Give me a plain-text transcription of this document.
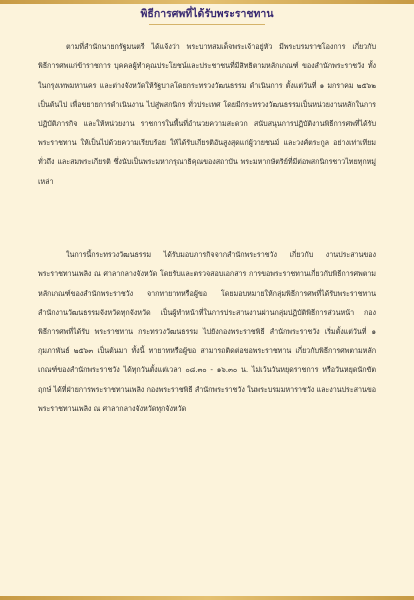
พิธีการศพที่ได้รับพระราชทาน

ตามที่สำนักนายกรัฐมนตรี ได้แจ้งว่า พระบาทสมเด็จพระเจ้าอยู่หัว มีพระบรมราชโองการ เกี่ยวกับพิธีการศพแก่ข้าราชการ บุคคลผู้ทำคุณประโยชน์และประชาชนที่มีสิทธิตามหลักเกณฑ์ ของสำนักพระราชวัง ทั้งในกรุงเทพมหานคร และต่างจังหวัดให้รัฐบาลโดยกระทรวงวัฒนธรรม ดำเนินการ ตั้งแต่วันที่ ๑ มกราคม ๒๕๖๒ เป็นต้นไป เพื่อขยายการดำเนินงาน ไปสู่พสกนิกร ทั่วประเทศ โดยมีกระทรวงวัฒนธรรมเป็นหน่วยงานหลักในการปฏิบัติภารกิจ และให้หน่วยงาน ราชการในพื้นที่อำนวยความสะดวก สนับสนุนการปฏิบัติงานพิธีการศพที่ได้รับพระราชทาน ให้เป็นไปด้วยความเรียบร้อย ให้ได้รับเกียรติอันสูงสุดแก่ผู้วายชนม์ และวงศ์ตระกูล อย่างเท่าเทียมทั่วถึง และสมพระเกียรติ ซึ่งนับเป็นพระมหากรุณาธิคุณของสถาบัน พระมหากษัตริย์ที่มีต่อพสกนิกรชาวไทยทุกหมู่เหล่า

ในการนี้กระทรวงวัฒนธรรม ได้รับมอบภารกิจจากสำนักพระราชวัง เกี่ยวกับ งานประสานของพระราชทานเพลิง ณ ศาลากลางจังหวัด โดยรับและตรวจสอบเอกสาร การขอพระราชทานเกี่ยวกับพิธีการศพตามหลักเกณฑ์ของสำนักพระราชวัง จากทายาทหรือผู้ขอ โดยมอบหมายให้กลุ่มพิธีการศพที่ได้รับพระราชทาน สำนักงานวัฒนธรรมจังหวัดทุกจังหวัด เป็นผู้ทำหน้าที่ในการประสานงานผ่านกลุ่มปฏิบัติพิธีการส่วนหน้า กองพิธีการศพที่ได้รับ พระราชทาน กระทรวงวัฒนธรรม ไปยังกองพระราชพิธี สำนักพระราชวัง เริ่มตั้งแต่วันที่ ๑ กุมภาพันธ์ ๒๕๖๓ เป็นต้นมา ทั้งนี้ ทายาทหรือผู้ขอ สามารถติดต่อขอพระราชทาน เกี่ยวกับพิธีการศพตามหลักเกณฑ์ของสำนักพระราชวัง ได้ทุกวันตั้งแต่เวลา ๐๘.๓๐ - ๑๖.๓๐ น. ไม่เว้นวันหยุดราชการ หรือวันหยุดนักขัตฤกษ์ ได้ที่ฝ่ายการพระราชทานเพลิง กองพระราชพิธี สำนักพระราชวัง ในพระบรมมหาราชวัง และงานประสานขอพระราชทานเพลิง ณ ศาลากลางจังหวัดทุกจังหวัด
